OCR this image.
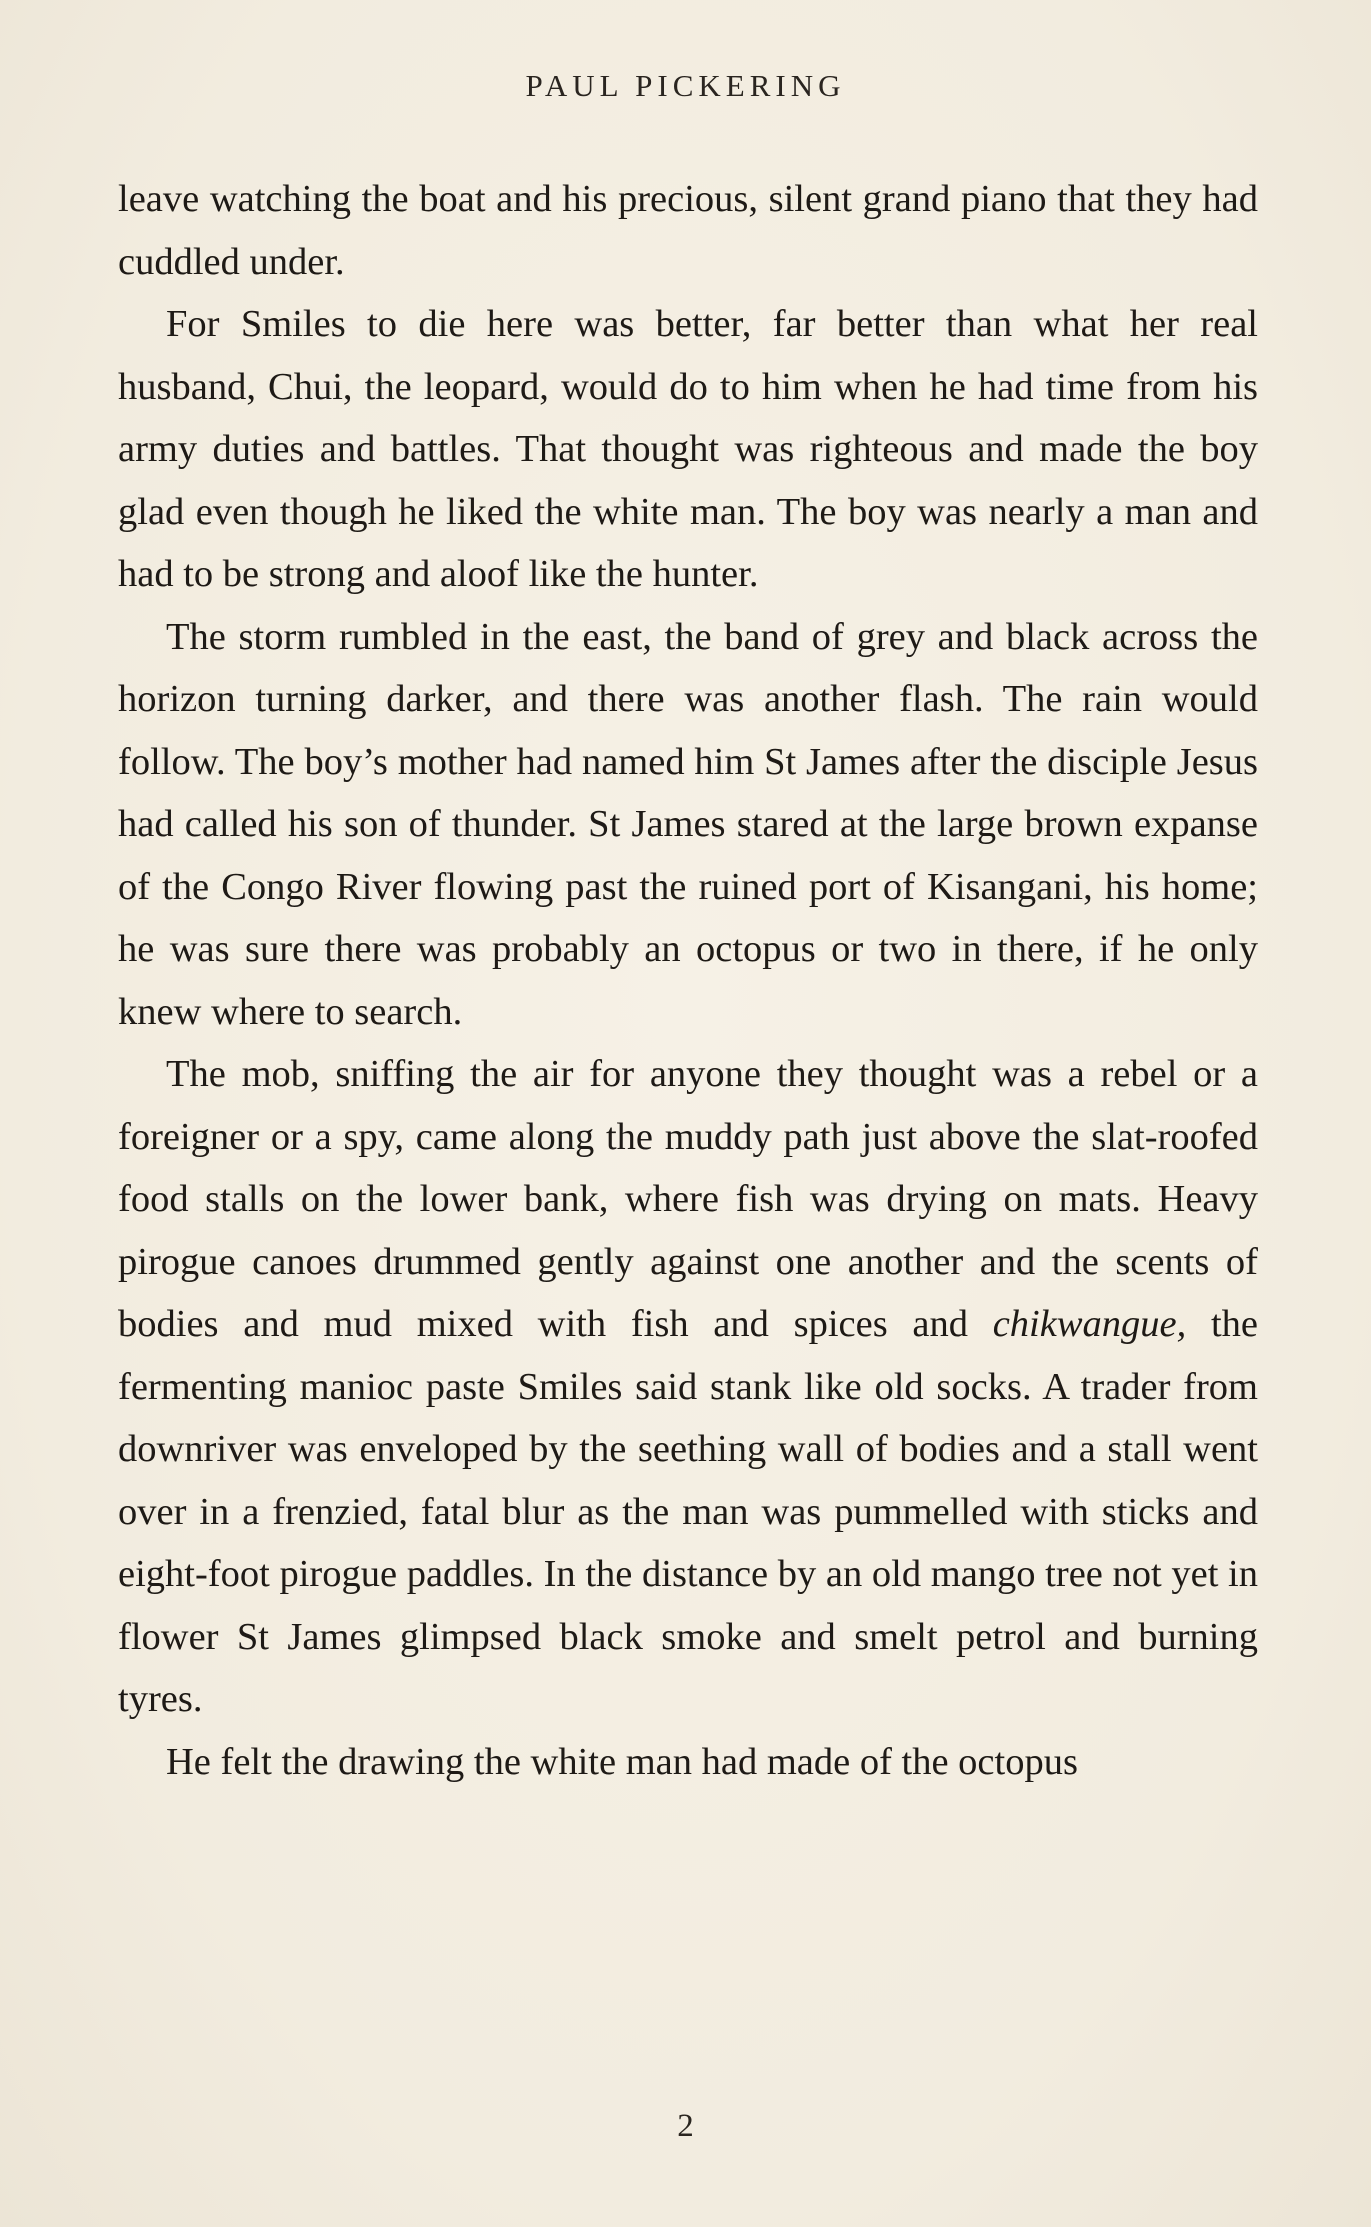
PAUL PICKERING

leave watching the boat and his precious, silent grand piano that they had cuddled under.

For Smiles to die here was better, far better than what her real husband, Chui, the leopard, would do to him when he had time from his army duties and battles. That thought was righteous and made the boy glad even though he liked the white man. The boy was nearly a man and had to be strong and aloof like the hunter.

The storm rumbled in the east, the band of grey and black across the horizon turning darker, and there was another flash. The rain would follow. The boy’s mother had named him St James after the disciple Jesus had called his son of thunder. St James stared at the large brown expanse of the Congo River flowing past the ruined port of Kisangani, his home; he was sure there was probably an octopus or two in there, if he only knew where to search.

The mob, sniffing the air for anyone they thought was a rebel or a foreigner or a spy, came along the muddy path just above the slat-roofed food stalls on the lower bank, where fish was drying on mats. Heavy pirogue canoes drummed gently against one another and the scents of bodies and mud mixed with fish and spices and chikwangue, the fermenting manioc paste Smiles said stank like old socks. A trader from downriver was enveloped by the seething wall of bodies and a stall went over in a frenzied, fatal blur as the man was pummelled with sticks and eight-foot pirogue paddles. In the distance by an old mango tree not yet in flower St James glimpsed black smoke and smelt petrol and burning tyres.

He felt the drawing the white man had made of the octopus

2
